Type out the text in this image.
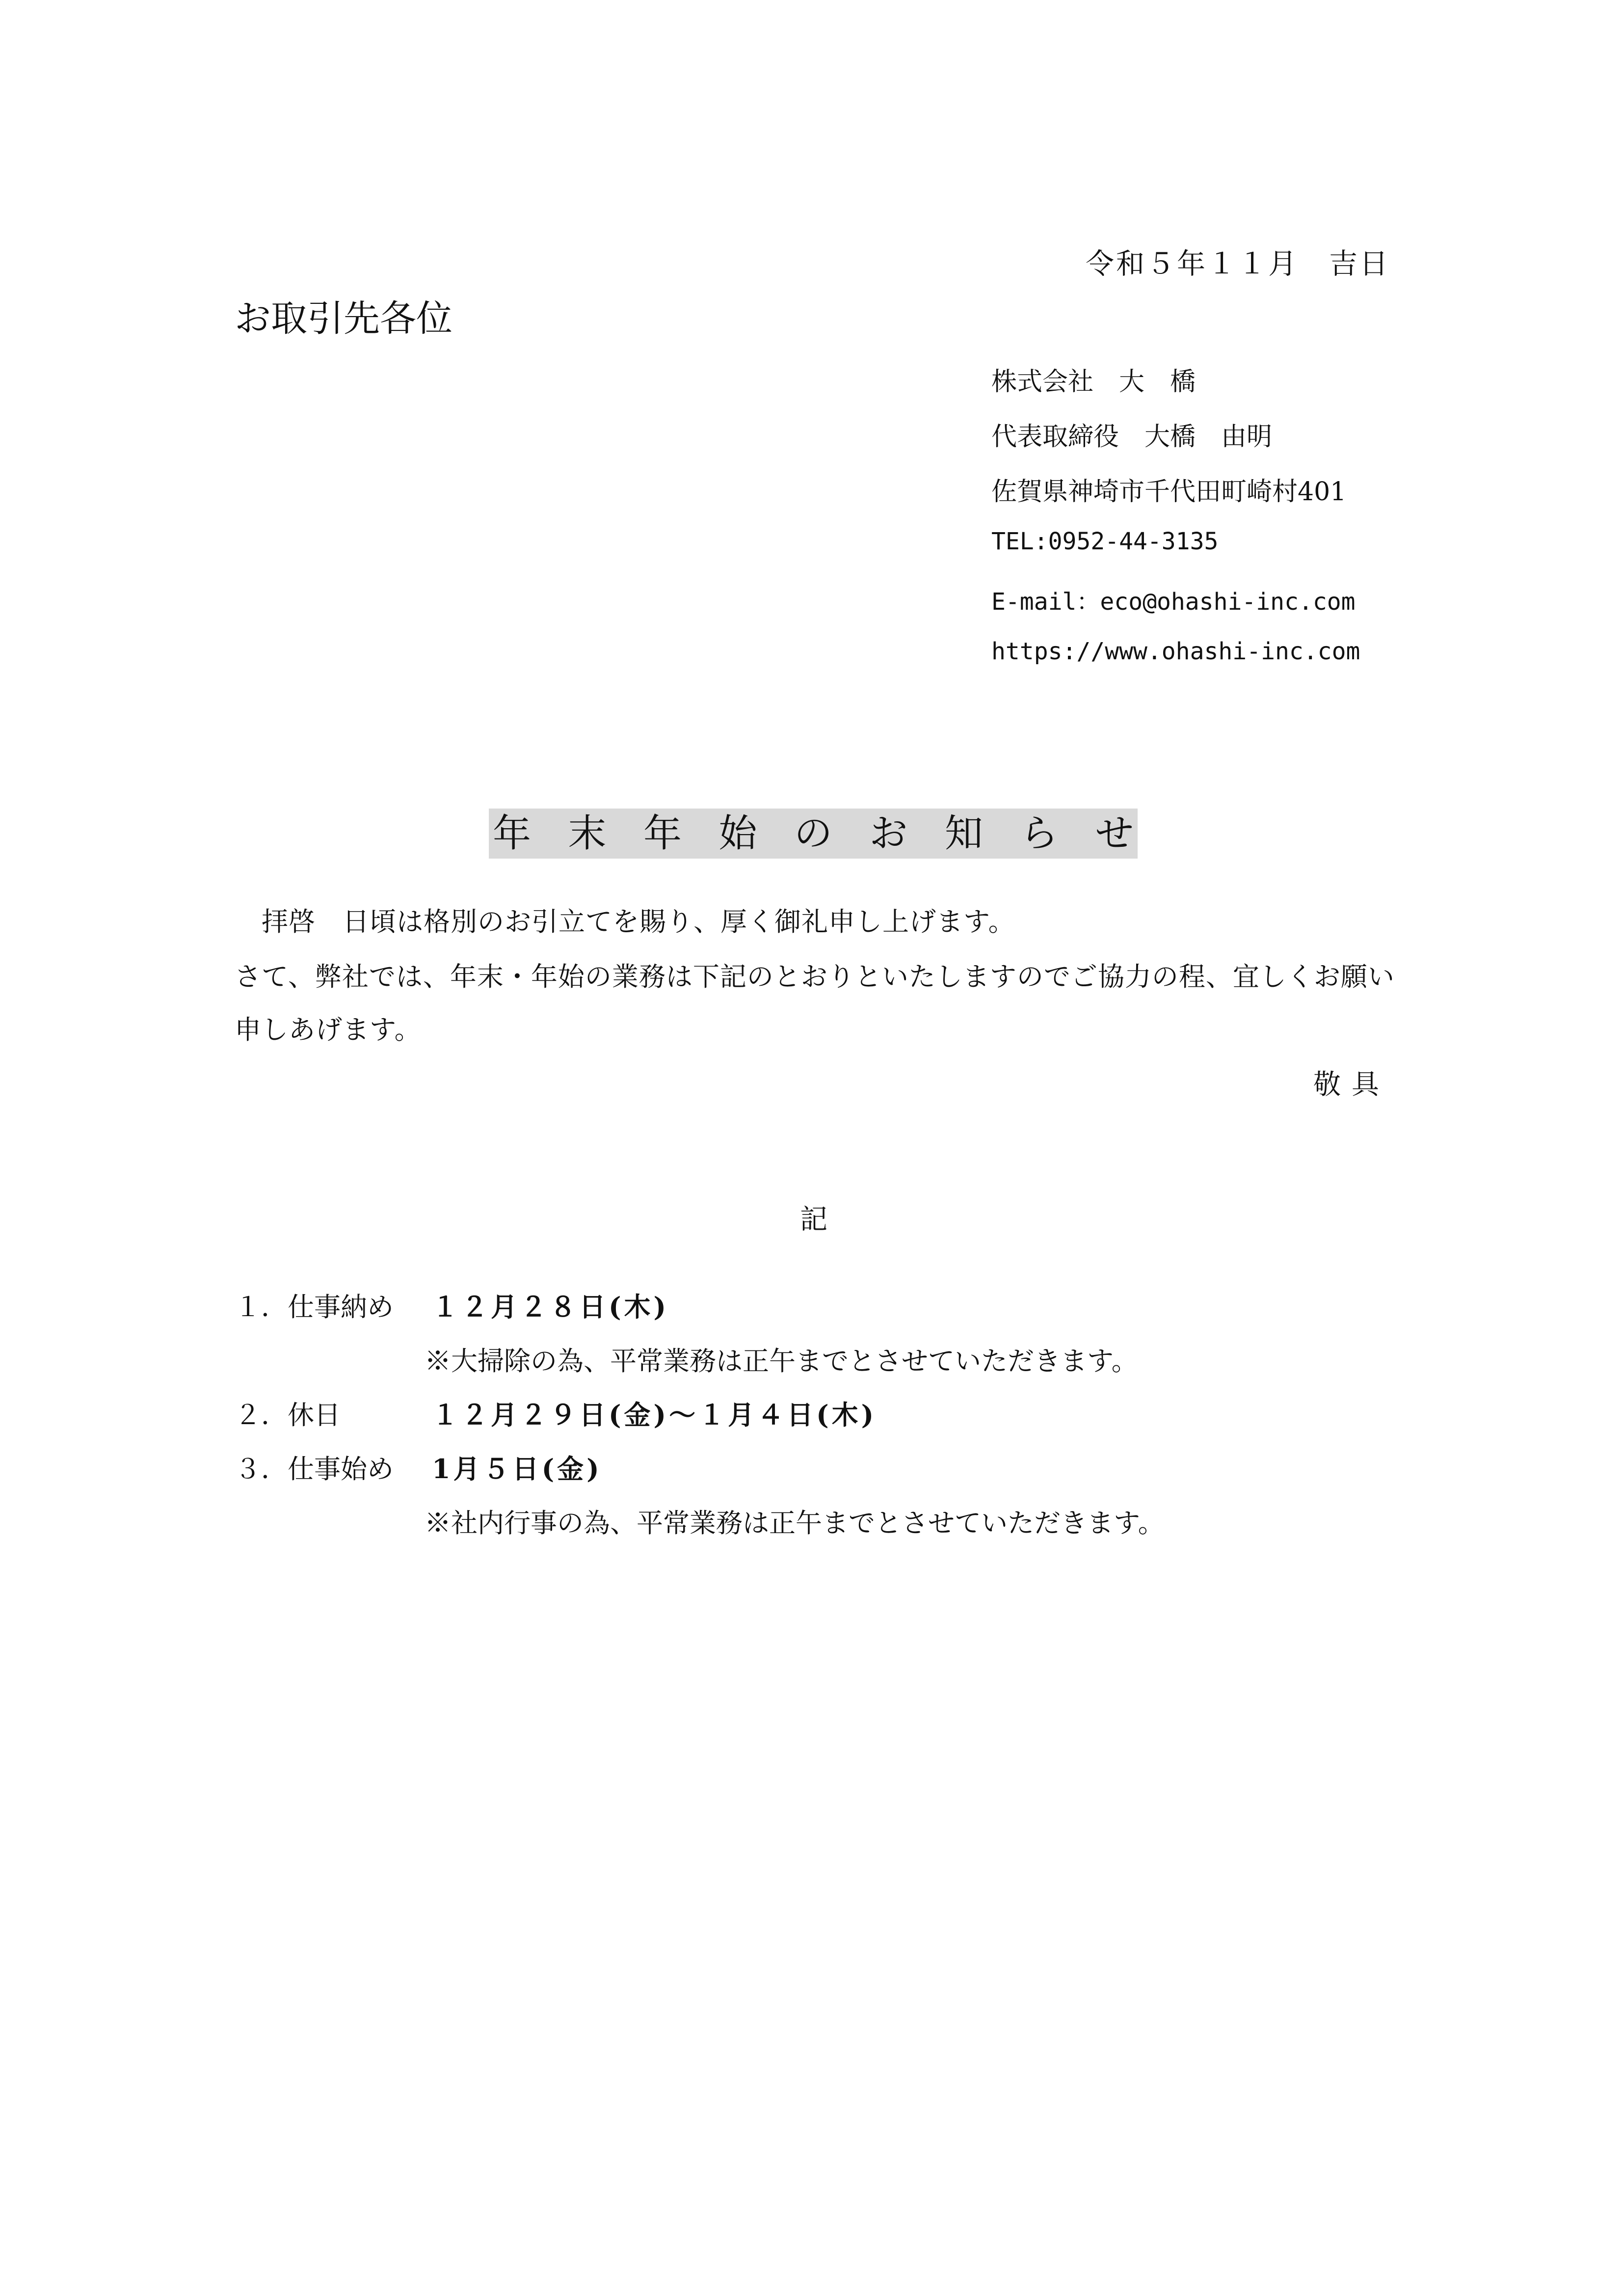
令和５年１１月　吉日
お取引先各位
株式会社　大　橋
代表取締役　大橋　由明
佐賀県神埼市千代田町崎村401
TEL:0952-44-3135
E-mail：eco@ohashi-inc.com
https://www.ohashi-inc.com
年 末 年 始 の お 知 ら せ
　拝啓　日頃は格別のお引立てを賜り、厚く御礼申し上げます。
さて、弊社では、年末・年始の業務は下記のとおりといたしますのでご協力の程、宜しくお願い
申しあげます。
敬具
記
１．仕事納め １２月２８日(木)
※大掃除の為、平常業務は正午までとさせていただきます。
２．休日	１２月２９日(金)～１月４日(木)
３．仕事始め 1月５日(金)
※社内行事の為、平常業務は正午までとさせていただきます。
